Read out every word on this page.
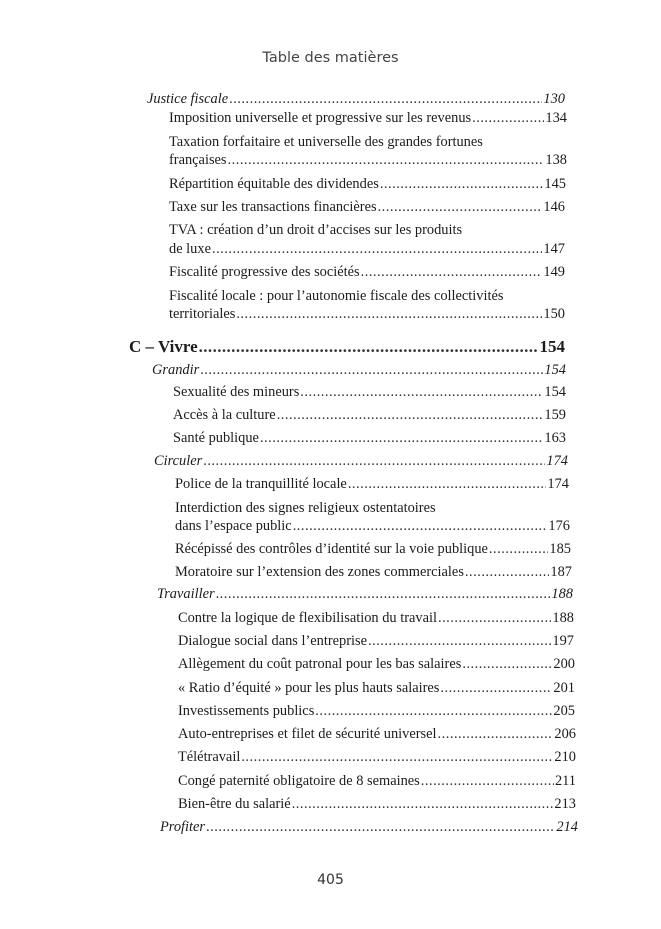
Table des matières
Justice fiscale .....	130
Imposition universelle et progressive sur les revenus .....	134
Taxation forfaitaire et universelle des grandes fortunes
françaises .....	138
Répartition équitable des dividendes .....	145
Taxe sur les transactions financières .....	146
TVA : création d’un droit d’accises sur les produits
de luxe .....	147
Fiscalité progressive des sociétés .....	149
Fiscalité locale : pour l’autonomie fiscale des collectivités
territoriales .....	150
C – Vivre .....	154
Grandir .....	154
Sexualité des mineurs .....	154
Accès à la culture .....	159
Santé publique .....	163
Circuler .....	174
Police de la tranquillité locale .....	174
Interdiction des signes religieux ostentatoires
dans l’espace public .....	176
Récépissé des contrôles d’identité sur la voie publique .....	185
Moratoire sur l’extension des zones commerciales .....	187
Travailler .....	188
Contre la logique de flexibilisation du travail .....	188
Dialogue social dans l’entreprise .....	197
Allègement du coût patronal pour les bas salaires .....	200
« Ratio d’équité » pour les plus hauts salaires .....	201
Investissements publics .....	205
Auto-entreprises et filet de sécurité universel .....	206
Télétravail .....	210
Congé paternité obligatoire de 8 semaines .....	211
Bien-être du salarié .....	213
Profiter .....	214
405
